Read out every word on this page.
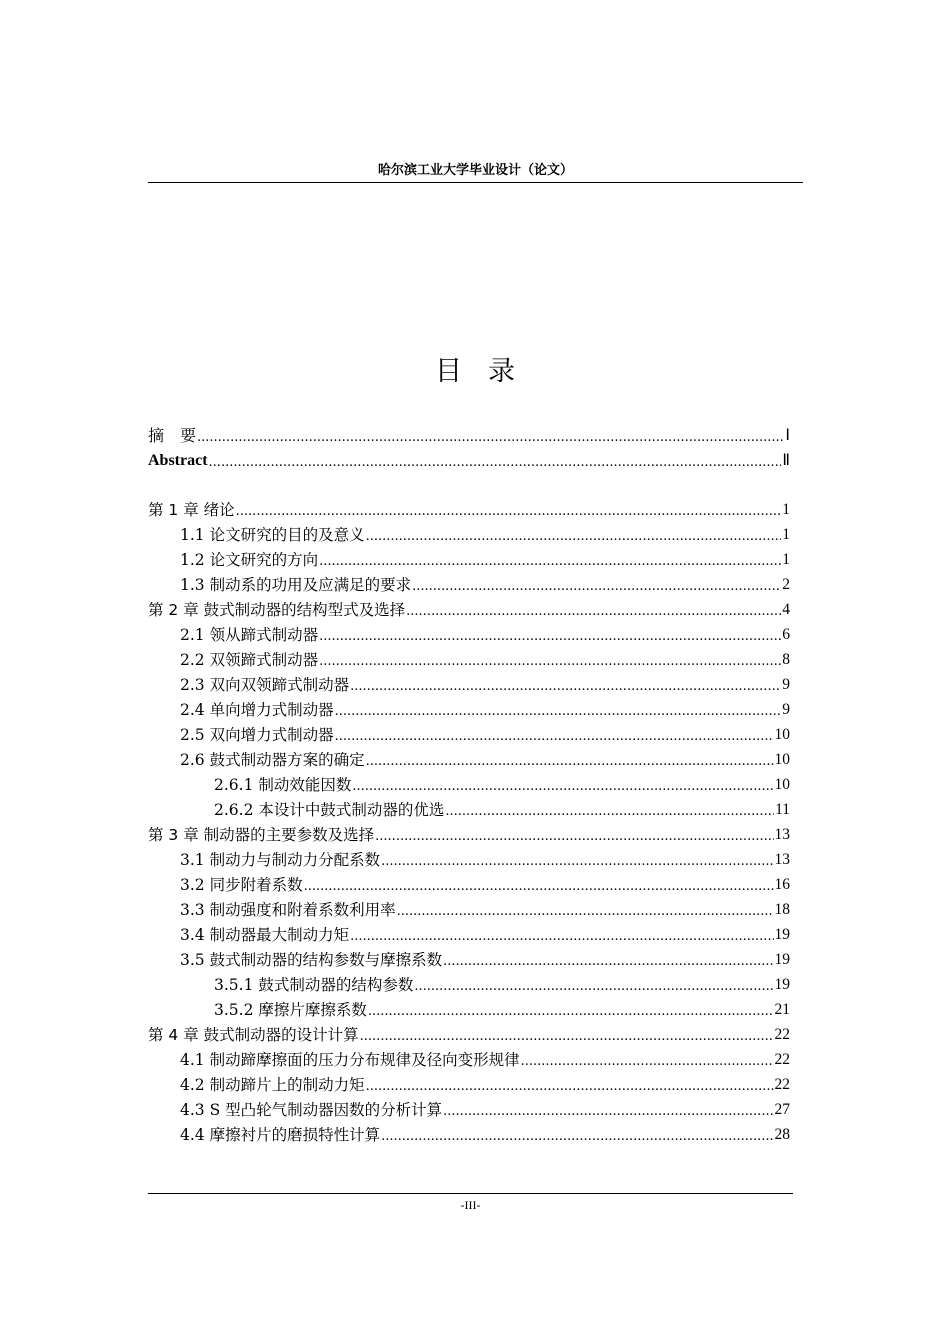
哈尔滨工业大学毕业设计（论文）
目录
摘　要 .....	Ⅰ
Abstract .....	Ⅱ
第 1 章 绪论 .....	1
1.1 论文研究的目的及意义 .....	1
1.2 论文研究的方向 .....	1
1.3 制动系的功用及应满足的要求 .....	2
第 2 章 鼓式制动器的结构型式及选择 .....	4
2.1 领从蹄式制动器 .....	6
2.2 双领蹄式制动器 .....	8
2.3 双向双领蹄式制动器 .....	9
2.4 单向增力式制动器 .....	9
2.5 双向增力式制动器 .....	10
2.6 鼓式制动器方案的确定 .....	10
2.6.1 制动效能因数 .....	10
2.6.2 本设计中鼓式制动器的优选 .....	11
第 3 章 制动器的主要参数及选择 .....	13
3.1 制动力与制动力分配系数 .....	13
3.2 同步附着系数 .....	16
3.3 制动强度和附着系数利用率 .....	18
3.4 制动器最大制动力矩 .....	19
3.5 鼓式制动器的结构参数与摩擦系数 .....	19
3.5.1 鼓式制动器的结构参数 .....	19
3.5.2 摩擦片摩擦系数 .....	21
第 4 章 鼓式制动器的设计计算 .....	22
4.1 制动蹄摩擦面的压力分布规律及径向变形规律 .....	22
4.2 制动蹄片上的制动力矩 .....	22
4.3 S 型凸轮气制动器因数的分析计算 .....	27
4.4 摩擦衬片的磨损特性计算 .....	28
-III-
